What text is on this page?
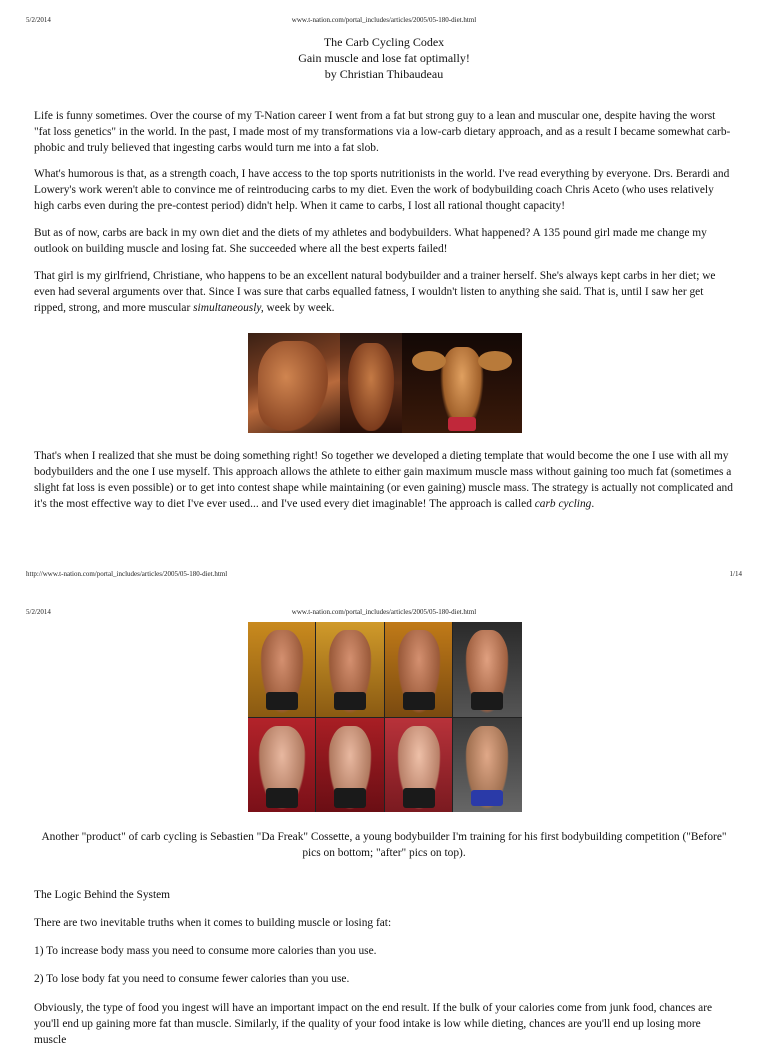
5/2/2014	www.t-nation.com/portal_includes/articles/2005/05-180-diet.html
The Carb Cycling Codex
Gain muscle and lose fat optimally!
by Christian Thibaudeau

Life is funny sometimes. Over the course of my T-Nation career I went from a fat but strong guy to a lean and muscular one, despite having the worst "fat loss genetics" in the world. In the past, I made most of my transformations via a low-carb dietary approach, and as a result I became somewhat carb-phobic and truly believed that ingesting carbs would turn me into a fat slob.

What's humorous is that, as a strength coach, I have access to the top sports nutritionists in the world. I've read everything by everyone. Drs. Berardi and Lowery's work weren't able to convince me of reintroducing carbs to my diet. Even the work of bodybuilding coach Chris Aceto (who uses relatively high carbs even during the pre-contest period) didn't help. When it came to carbs, I lost all rational thought capacity!

But as of now, carbs are back in my own diet and the diets of my athletes and bodybuilders. What happened? A 135 pound girl made me change my outlook on building muscle and losing fat. She succeeded where all the best experts failed!

That girl is my girlfriend, Christiane, who happens to be an excellent natural bodybuilder and a trainer herself. She's always kept carbs in her diet; we even had several arguments over that. Since I was sure that carbs equalled fatness, I wouldn't listen to anything she said. That is, until I saw her get ripped, strong, and more muscular simultaneously, week by week.

That's when I realized that she must be doing something right! So together we developed a dieting template that would become the one I use with all my bodybuilders and the one I use myself. This approach allows the athlete to either gain maximum muscle mass without gaining too much fat (sometimes a slight fat loss is even possible) or to get into contest shape while maintaining (or even gaining) muscle mass. The strategy is actually not complicated and it's the most effective way to diet I've ever used... and I've used every diet imaginable! The approach is called carb cycling.

http://www.t-nation.com/portal_includes/articles/2005/05-180-diet.html	1/14
5/2/2014	www.t-nation.com/portal_includes/articles/2005/05-180-diet.html
Another "product" of carb cycling is Sebastien "Da Freak" Cossette, a young bodybuilder I'm training for his first bodybuilding competition ("Before" pics on bottom; "after" pics on top).

The Logic Behind the System

There are two inevitable truths when it comes to building muscle or losing fat:

1) To increase body mass you need to consume more calories than you use.

2) To lose body fat you need to consume fewer calories than you use.

Obviously, the type of food you ingest will have an important impact on the end result. If the bulk of your calories come from junk food, chances are you'll end up gaining more fat than muscle. Similarly, if the quality of your food intake is low while dieting, chances are you'll end up losing more muscle
